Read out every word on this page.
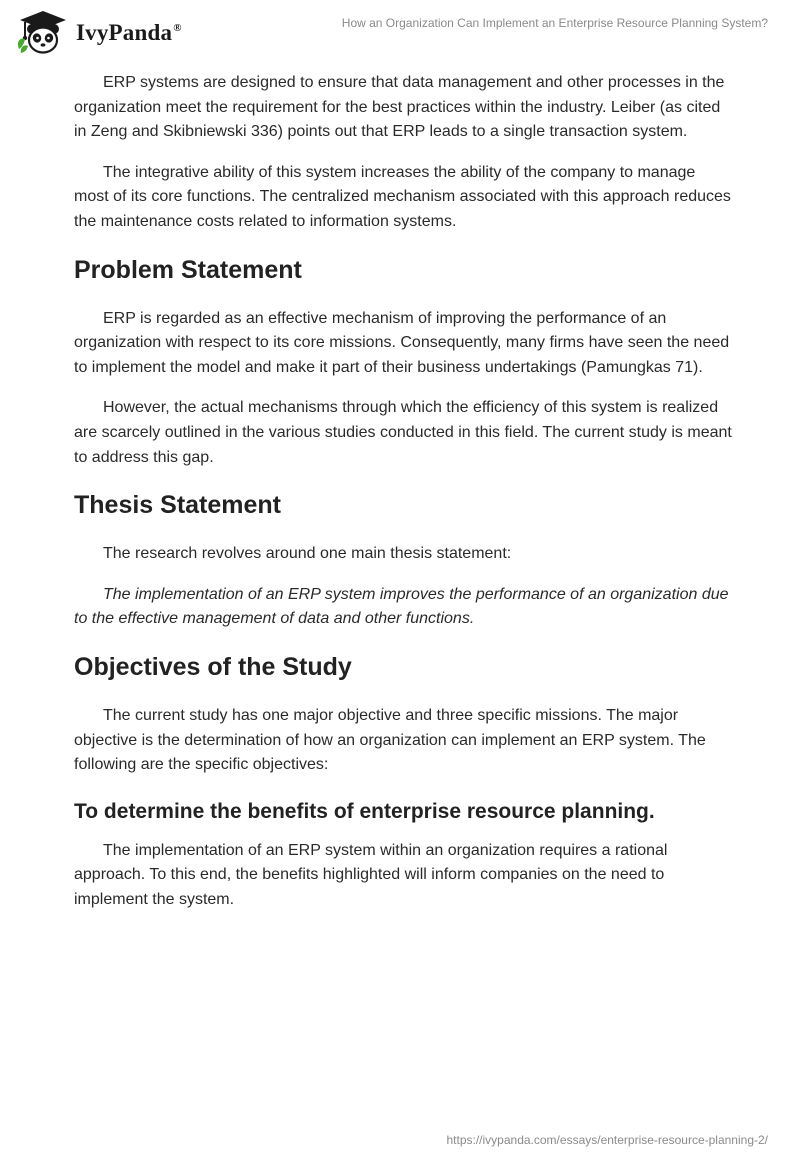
IvyPanda®	How an Organization Can Implement an Enterprise Resource Planning System?

ERP systems are designed to ensure that data management and other processes in the organization meet the requirement for the best practices within the industry. Leiber (as cited in Zeng and Skibniewski 336) points out that ERP leads to a single transaction system.

The integrative ability of this system increases the ability of the company to manage most of its core functions. The centralized mechanism associated with this approach reduces the maintenance costs related to information systems.

Problem Statement

ERP is regarded as an effective mechanism of improving the performance of an organization with respect to its core missions. Consequently, many firms have seen the need to implement the model and make it part of their business undertakings (Pamungkas 71).

However, the actual mechanisms through which the efficiency of this system is realized are scarcely outlined in the various studies conducted in this field. The current study is meant to address this gap.

Thesis Statement

The research revolves around one main thesis statement:

The implementation of an ERP system improves the performance of an organization due to the effective management of data and other functions.

Objectives of the Study

The current study has one major objective and three specific missions. The major objective is the determination of how an organization can implement an ERP system. The following are the specific objectives:

To determine the benefits of enterprise resource planning.

The implementation of an ERP system within an organization requires a rational approach. To this end, the benefits highlighted will inform companies on the need to implement the system.

https://ivypanda.com/essays/enterprise-resource-planning-2/
